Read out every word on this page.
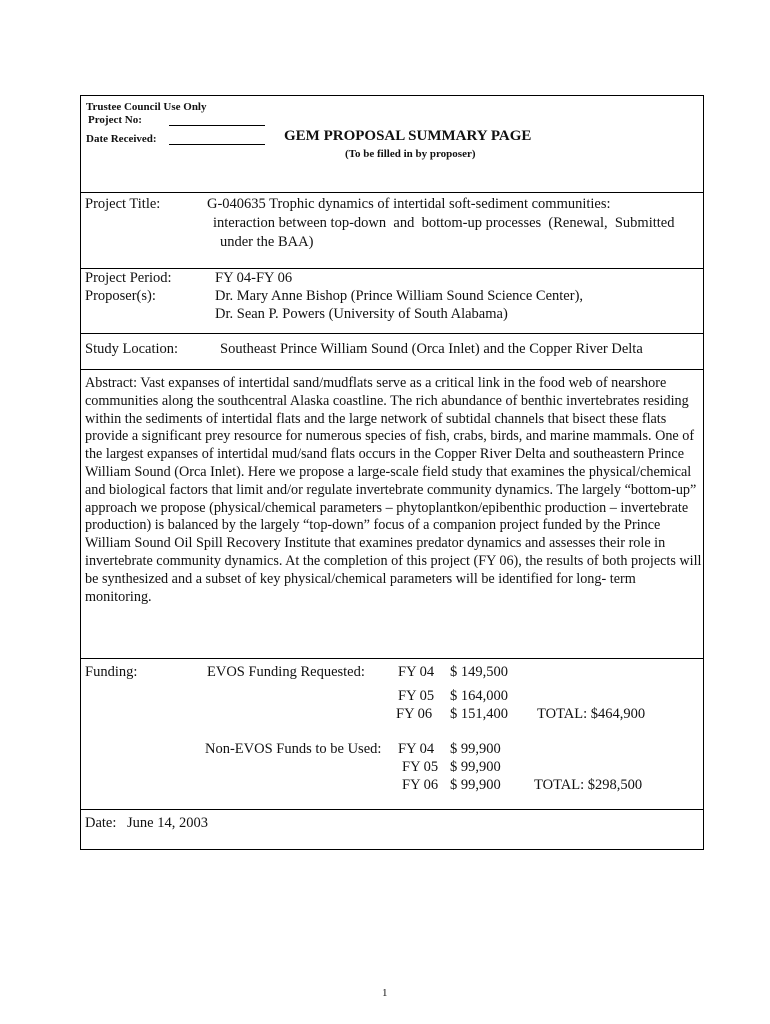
Trustee Council Use Only
Project No:
Date Received:	GEM PROPOSAL SUMMARY PAGE
(To be filled in by proposer)
Project Title:	G-040635 Trophic dynamics of intertidal soft-sediment communities:
interaction between top-down  and  bottom-up processes  (Renewal,  Submitted
under the BAA)
Project Period:	FY 04-FY 06
Proposer(s):	Dr. Mary Anne Bishop (Prince William Sound Science Center),
Dr. Sean P. Powers (University of South Alabama)
Study Location:	Southeast Prince William Sound (Orca Inlet) and the Copper River Delta
Abstract: Vast expanses of intertidal sand/mudflats serve as a critical link in the food web of nearshore communities along the southcentral Alaska coastline. The rich abundance of benthic invertebrates residing within the sediments of intertidal flats and the large network of subtidal channels that bisect these flats provide a significant prey resource for numerous species of fish, crabs, birds, and marine mammals. One of the largest expanses of intertidal mud/sand flats occurs in the Copper River Delta and southeastern Prince William Sound (Orca Inlet). Here we propose a large-scale field study that examines the physical/chemical and biological factors that limit and/or regulate invertebrate community dynamics. The largely “bottom-up” approach we propose (physical/chemical parameters – phytoplantkon/epibenthic production – invertebrate production) is balanced by the largely “top-down” focus of a companion project funded by the Prince William Sound Oil Spill Recovery Institute that examines predator dynamics and assesses their role in invertebrate community dynamics. At the completion of this project (FY 06), the results of both projects will be synthesized and a subset of key physical/chemical parameters will be identified for long- term monitoring.
Funding:	EVOS Funding Requested: FY 04 $ 149,500
FY 05 $ 164,000
FY 06 $ 151,400 TOTAL: $464,900
Non-EVOS Funds to be Used: FY 04 $ 99,900
FY 05 $ 99,900
FY 06 $ 99,900 TOTAL: $298,500
Date: June 14, 2003
1
